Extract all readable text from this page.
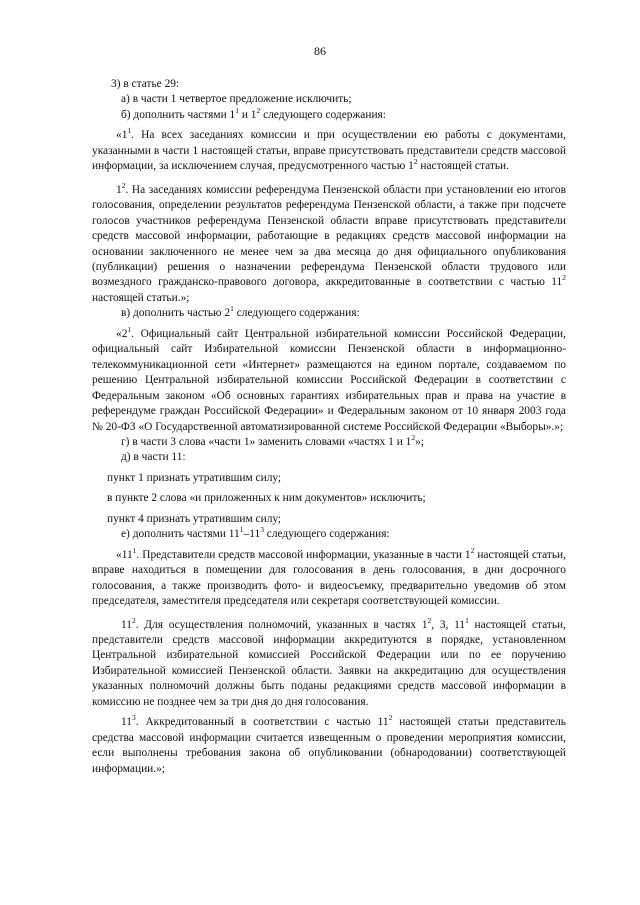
86

3) в статье 29:

а) в части 1 четвертое предложение исключить;

б) дополнить частями $1^1$ и $1^2$ следующего содержания:

«$1^1$. На всех заседаниях комиссии и при осуществлении ею работы с документами, указанными в части 1 настоящей статьи, вправе присутствовать представители средств массовой информации, за исключением случая, предусмотренного частью $1^2$ настоящей статьи.

$1^2$. На заседаниях комиссии референдума Пензенской области при установлении ею итогов голосования, определении результатов референдума Пензенской области, а также при подсчете голосов участников референдума Пензенской области вправе присутствовать представители средств массовой информации, работающие в редакциях средств массовой информации на основании заключенного не менее чем за два месяца до дня официального опубликования (публикации) решения о назначении референдума Пензенской области трудового или возмездного гражданско-правового договора, аккредитованные в соответствии с частью $11^2$ настоящей статьи.»;

в) дополнить частью $2^1$ следующего содержания:

«$2^1$. Официальный сайт Центральной избирательной комиссии Российской Федерации, официальный сайт Избирательной комиссии Пензенской области в информационно-телекоммуникационной сети «Интернет» размещаются на едином портале, создаваемом по решению Центральной избирательной комиссии Российской Федерации в соответствии с Федеральным законом «Об основных гарантиях избирательных прав и права на участие в референдуме граждан Российской Федерации» и Федеральным законом от 10 января 2003 года № 20-ФЗ «О Государственной автоматизированной системе Российской Федерации «Выборы».»;

г) в части 3 слова «части 1» заменить словами «частях 1 и $1^2$»;

д) в части 11:

пункт 1 признать утратившим силу;

в пункте 2 слова «и приложенных к ним документов» исключить;

пункт 4 признать утратившим силу;

е) дополнить частями $11^1-11^3$ следующего содержания:

«$11^1$. Представители средств массовой информации, указанные в части $1^2$ настоящей статьи, вправе находиться в помещении для голосования в день голосования, в дни досрочного голосования, а также производить фото- и видеосъемку, предварительно уведомив об этом председателя, заместителя председателя или секретаря соответствующей комиссии.

$11^2$. Для осуществления полномочий, указанных в частях $1^2$, 3, $11^1$ настоящей статьи, представители средств массовой информации аккредитуются в порядке, установленном Центральной избирательной комиссией Российской Федерации или по ее поручению Избирательной комиссией Пензенской области. Заявки на аккредитацию для осуществления указанных полномочий должны быть поданы редакциями средств массовой информации в комиссию не позднее чем за три дня до дня голосования.

$11^3$. Аккредитованный в соответствии с частью $11^2$ настоящей статьи представитель средства массовой информации считается извещенным о проведении мероприятия комиссии, если выполнены требования закона об опубликовании (обнародовании) соответствующей информации.»;
